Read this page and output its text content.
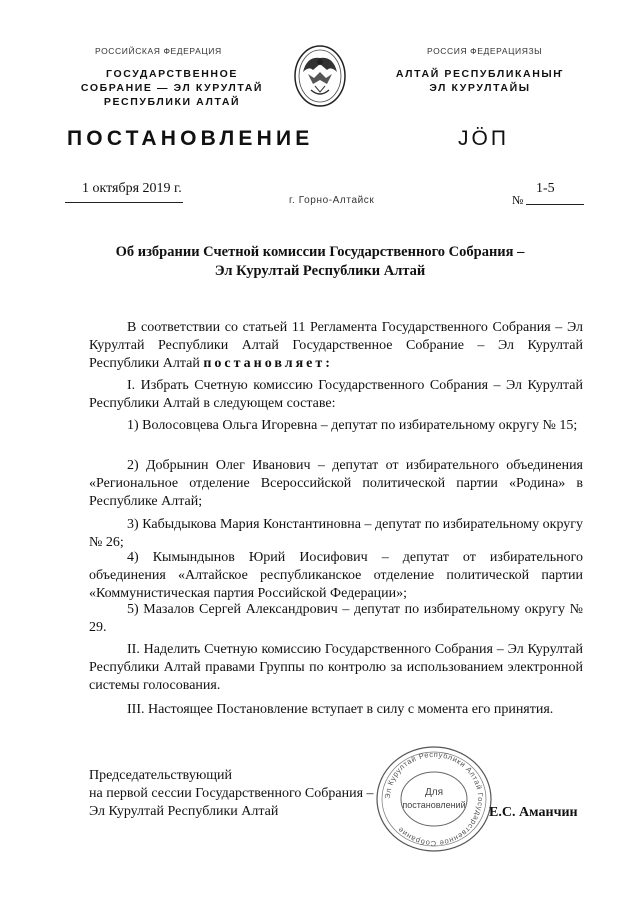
РОССИЙСКАЯ ФЕДЕРАЦИЯ
ГОСУДАРСТВЕННОЕ
СОБРАНИЕ — ЭЛ КУРУЛТАЙ
РЕСПУБЛИКИ АЛТАЙ
РОССИЯ ФЕДЕРАЦИЯЗЫ
АЛТАЙ РЕСПУБЛИКАНЫҤ
ЭЛ КУРУЛТАЙЫ
ПОСТАНОВЛЕНИЕ	JӦП
1 октября 2019 г.
г. Горно-Алтайск
1-5
№
Об избрании Счетной комиссии Государственного Собрания –
Эл Курултай Республики Алтай
В соответствии со статьей 11 Регламента Государственного Собрания – Эл Курултай Республики Алтай Государственное Собрание – Эл Курултай Республики Алтай постановляет:
I. Избрать Счетную комиссию Государственного Собрания – Эл Курултай Республики Алтай в следующем составе:
1) Волосовцева Ольга Игоревна – депутат по избирательному округу № 15;
2) Добрынин Олег Иванович – депутат от избирательного объединения «Региональное отделение Всероссийской политической партии «Родина» в Республике Алтай;
3) Кабыдыкова Мария Константиновна – депутат по избирательному округу № 26;
4) Кымындынов Юрий Иосифович – депутат от избирательного объединения «Алтайское республиканское отделение политической партии «Коммунистическая партия Российской Федерации»;
5) Мазалов Сергей Александрович – депутат по избирательному округу № 29.
II. Наделить Счетную комиссию Государственного Собрания – Эл Курултай Республики Алтай правами Группы по контролю за использованием электронной системы голосования.
III. Настоящее Постановление вступает в силу с момента его принятия.
Председательствующий
на первой сессии Государственного Собрания –
Эл Курултай Республики Алтай
Эл Курултай Республики Алтай Государственное Собрание
Для
постановлений Е.С. Аманчин
